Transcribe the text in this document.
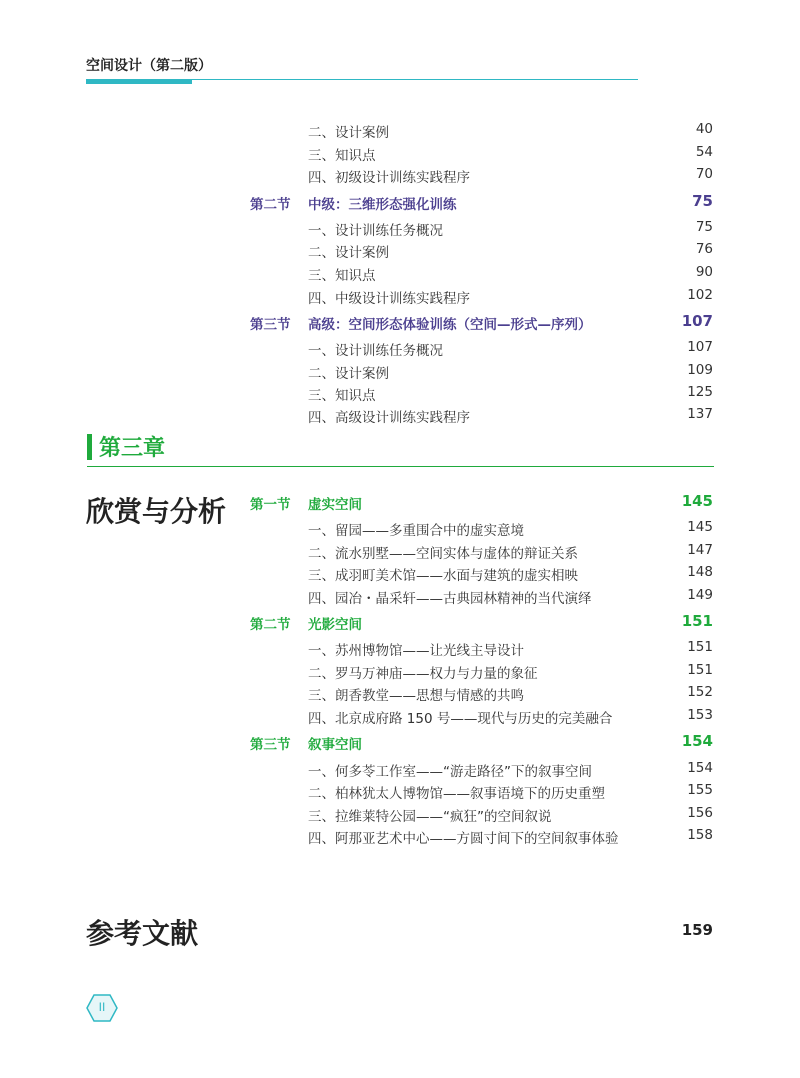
空间设计（第二版）
二、设计案例	40
三、知识点	54
四、初级设计训练实践程序	70
第二节 中级：三维形态强化训练	75
一、设计训练任务概况	75
二、设计案例	76
三、知识点	90
四、中级设计训练实践程序	102
第三节 高级：空间形态体验训练（空间—形式—序列）	107
一、设计训练任务概况	107
二、设计案例	109
三、知识点	125
四、高级设计训练实践程序	137
第三章
欣赏与分析 第一节 虚实空间	145
一、留园——多重围合中的虚实意境	145
二、流水别墅——空间实体与虚体的辩证关系	147
三、成羽町美术馆——水面与建筑的虚实相映	148
四、园冶・晶采轩——古典园林精神的当代演绎	149
第二节 光影空间	151
一、苏州博物馆——让光线主导设计	151
二、罗马万神庙——权力与力量的象征	151
三、朗香教堂——思想与情感的共鸣	152
四、北京成府路 150 号——现代与历史的完美融合	153
第三节 叙事空间	154
一、何多苓工作室——“游走路径”下的叙事空间	154
二、柏林犹太人博物馆——叙事语境下的历史重塑	155
三、拉维莱特公园——“疯狂”的空间叙说	156
四、阿那亚艺术中心——方圆寸间下的空间叙事体验	158
参考文献	159
II
